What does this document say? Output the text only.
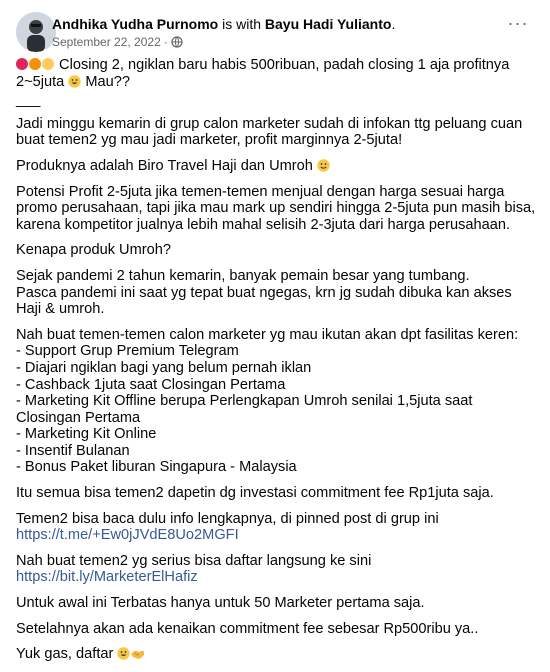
Andhika Yudha Purnomo is with Bayu Hadi Yulianto.
September 22, 2022 ·
···
Closing 2, ngiklan baru habis 500ribuan, padah closing 1 aja profitnya 2~5juta  Mau??
___
Jadi minggu kemarin di grup calon marketer sudah di infokan ttg peluang cuan buat temen2 yg mau jadi marketer, profit marginnya 2-5juta!
Produknya adalah Biro Travel Haji dan Umroh
Potensi Profit 2-5juta jika temen-temen menjual dengan harga sesuai harga promo perusahaan, tapi jika mau mark up sendiri hingga 2-5juta pun masih bisa, karena kompetitor jualnya lebih mahal selisih 2-3juta dari harga perusahaan.
Kenapa produk Umroh?
Sejak pandemi 2 tahun kemarin, banyak pemain besar yang tumbang.
Pasca pandemi ini saat yg tepat buat ngegas, krn jg sudah dibuka kan akses Haji & umroh.
Nah buat temen-temen calon marketer yg mau ikutan akan dpt fasilitas keren:
- Support Grup Premium Telegram
- Diajari ngiklan bagi yang belum pernah iklan
- Cashback 1juta saat Closingan Pertama
- Marketing Kit Offline berupa Perlengkapan Umroh senilai 1,5juta saat Closingan Pertama
- Marketing Kit Online
- Insentif Bulanan
- Bonus Paket liburan Singapura - Malaysia
Itu semua bisa temen2 dapetin dg investasi commitment fee Rp1juta saja.
Temen2 bisa baca dulu info lengkapnya, di pinned post di grup ini
https://t.me/+Ew0jJVdE8Uo2MGFI
Nah buat temen2 yg serius bisa daftar langsung ke sini
https://bit.ly/MarketerElHafiz
Untuk awal ini Terbatas hanya untuk 50 Marketer pertama saja.
Setelahnya akan ada kenaikan commitment fee sebesar Rp500ribu ya..
Yuk gas, daftar
